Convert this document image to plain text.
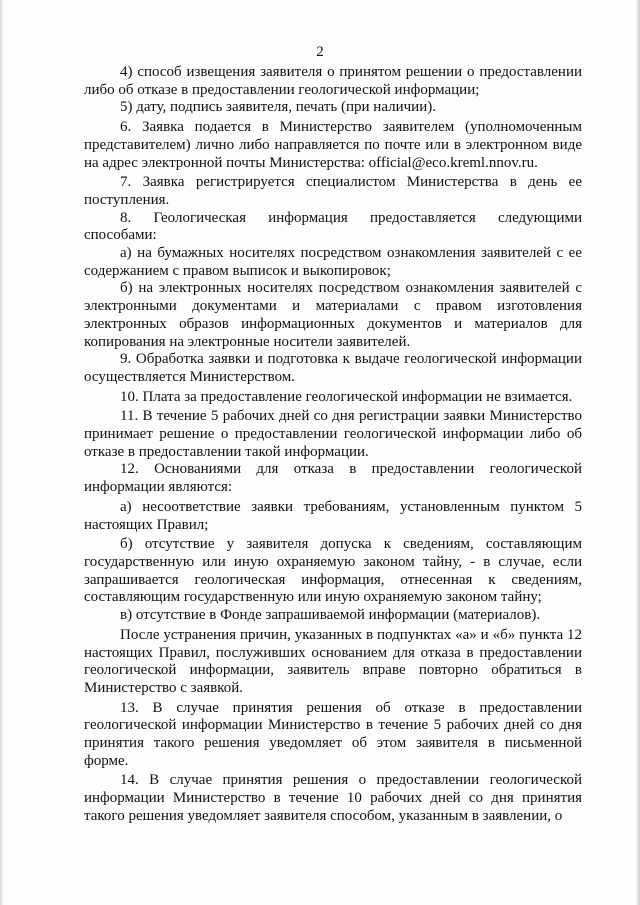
2

4) способ извещения заявителя о принятом решении о предоставлении либо об отказе в предоставлении геологической информации;

5) дату, подпись заявителя, печать (при наличии).

6. Заявка подается в Министерство заявителем (уполномоченным представителем) лично либо направляется по почте или в электронном виде на адрес электронной почты Министерства: official@eco.kreml.nnov.ru.

7. Заявка регистрируется специалистом Министерства в день ее поступления.

8. Геологическая информация предоставляется следующими способами:

а) на бумажных носителях посредством ознакомления заявителей с ее содержанием с правом выписок и выкопировок;

б) на электронных носителях посредством ознакомления заявителей с электронными документами и материалами с правом изготовления электронных образов информационных документов и материалов для копирования на электронные носители заявителей.

9. Обработка заявки и подготовка к выдаче геологической информации осуществляется Министерством.

10. Плата за предоставление геологической информации не взимается.

11. В течение 5 рабочих дней со дня регистрации заявки Министерство принимает решение о предоставлении геологической информации либо об отказе в предоставлении такой информации.

12. Основаниями для отказа в предоставлении геологической информации являются:

а) несоответствие заявки требованиям, установленным пунктом 5 настоящих Правил;

б) отсутствие у заявителя допуска к сведениям, составляющим государственную или иную охраняемую законом тайну, - в случае, если запрашивается геологическая информация, отнесенная к сведениям, составляющим государственную или иную охраняемую законом тайну;

в) отсутствие в Фонде запрашиваемой информации (материалов).

После устранения причин, указанных в подпунктах «а» и «б» пункта 12 настоящих Правил, послуживших основанием для отказа в предоставлении геологической информации, заявитель вправе повторно обратиться в Министерство с заявкой.

13. В случае принятия решения об отказе в предоставлении геологической информации Министерство в течение 5 рабочих дней со дня принятия такого решения уведомляет об этом заявителя в письменной форме.

14. В случае принятия решения о предоставлении геологической информации Министерство в течение 10 рабочих дней со дня принятия такого решения уведомляет заявителя способом, указанным в заявлении, о
